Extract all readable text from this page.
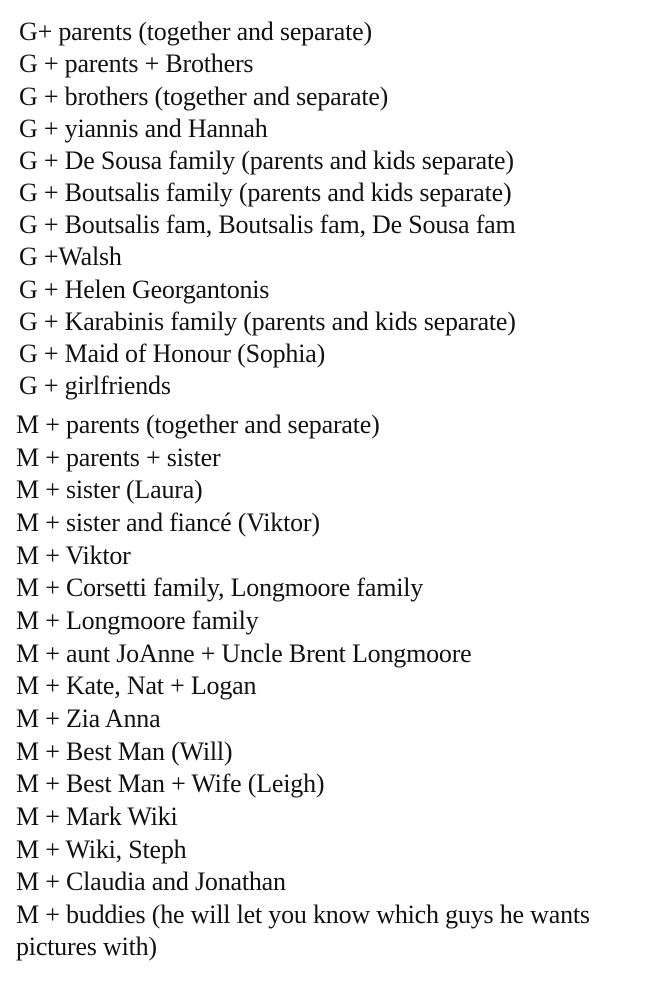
G+ parents (together and separate)
G + parents + Brothers
G + brothers (together and separate)
G + yiannis and Hannah
G + De Sousa family (parents and kids separate)
G + Boutsalis family (parents and kids separate)
G + Boutsalis fam, Boutsalis fam, De Sousa fam
G +Walsh
G + Helen Georgantonis
G + Karabinis family (parents and kids separate)
G + Maid of Honour (Sophia)
G + girlfriends
M + parents (together and separate)
M + parents + sister
M + sister (Laura)
M + sister and fiancé (Viktor)
M + Viktor
M + Corsetti family, Longmoore family
M + Longmoore family
M + aunt JoAnne + Uncle Brent Longmoore
M + Kate, Nat + Logan
M + Zia Anna
M + Best Man (Will)
M + Best Man + Wife (Leigh)
M + Mark Wiki
M + Wiki, Steph
M + Claudia and Jonathan
M + buddies (he will let you know which guys he wants
pictures with)
